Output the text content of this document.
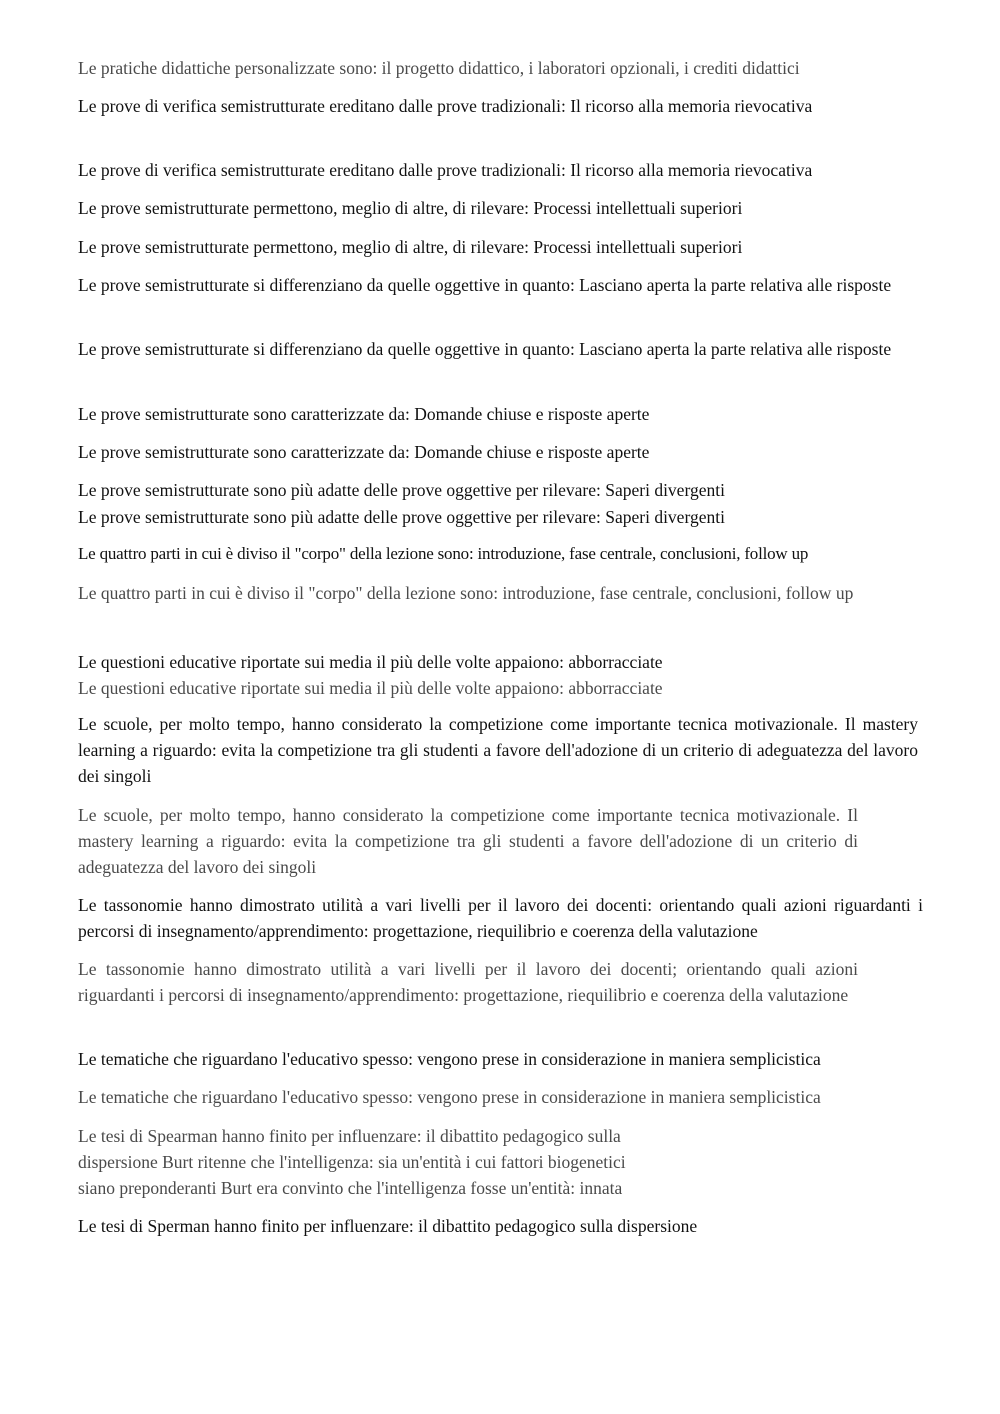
Le pratiche didattiche personalizzate sono: il progetto didattico, i laboratori opzionali, i crediti didattici

Le prove di verifica semistrutturate ereditano dalle prove tradizionali: Il ricorso alla memoria rievocativa

Le prove di verifica semistrutturate ereditano dalle prove tradizionali: Il ricorso alla memoria rievocativa

Le prove semistrutturate permettono, meglio di altre, di rilevare: Processi intellettuali superiori

Le prove semistrutturate permettono, meglio di altre, di rilevare: Processi intellettuali superiori

Le prove semistrutturate si differenziano da quelle oggettive in quanto: Lasciano aperta la parte relativa alle risposte

Le prove semistrutturate si differenziano da quelle oggettive in quanto: Lasciano aperta la parte relativa alle risposte

Le prove semistrutturate sono caratterizzate da: Domande chiuse e risposte aperte

Le prove semistrutturate sono caratterizzate da: Domande chiuse e risposte aperte

Le prove semistrutturate sono più adatte delle prove oggettive per rilevare: Saperi divergenti

Le prove semistrutturate sono più adatte delle prove oggettive per rilevare: Saperi divergenti

Le quattro parti in cui è diviso il "corpo" della lezione sono: introduzione, fase centrale, conclusioni, follow up

Le quattro parti in cui è diviso il "corpo" della lezione sono: introduzione, fase centrale, conclusioni, follow up

Le questioni educative riportate sui media il più delle volte appaiono: abborracciate

Le questioni educative riportate sui media il più delle volte appaiono: abborracciate

Le scuole, per molto tempo, hanno considerato la competizione come importante tecnica motivazionale. Il mastery learning a riguardo: evita la competizione tra gli studenti a favore dell'adozione di un criterio di adeguatezza del lavoro dei singoli

Le scuole, per molto tempo, hanno considerato la competizione come importante tecnica motivazionale. Il mastery learning a riguardo: evita la competizione tra gli studenti a favore dell'adozione di un criterio di adeguatezza del lavoro dei singoli

Le tassonomie hanno dimostrato utilità a vari livelli per il lavoro dei docenti: orientando quali azioni riguardanti i percorsi di insegnamento/apprendimento: progettazione, riequilibrio e coerenza della valutazione

Le tassonomie hanno dimostrato utilità a vari livelli per il lavoro dei docenti; orientando quali azioni riguardanti i percorsi di insegnamento/apprendimento: progettazione, riequilibrio e coerenza della valutazione

Le tematiche che riguardano l'educativo spesso: vengono prese in considerazione in maniera semplicistica

Le tematiche che riguardano l'educativo spesso: vengono prese in considerazione in maniera semplicistica

Le tesi di Spearman hanno finito per influenzare: il dibattito pedagogico sulla

dispersione Burt ritenne che l'intelligenza: sia un'entità i cui fattori biogenetici

siano preponderanti Burt era convinto che l'intelligenza fosse un'entità: innata

Le tesi di Sperman hanno finito per influenzare: il dibattito pedagogico sulla dispersione
